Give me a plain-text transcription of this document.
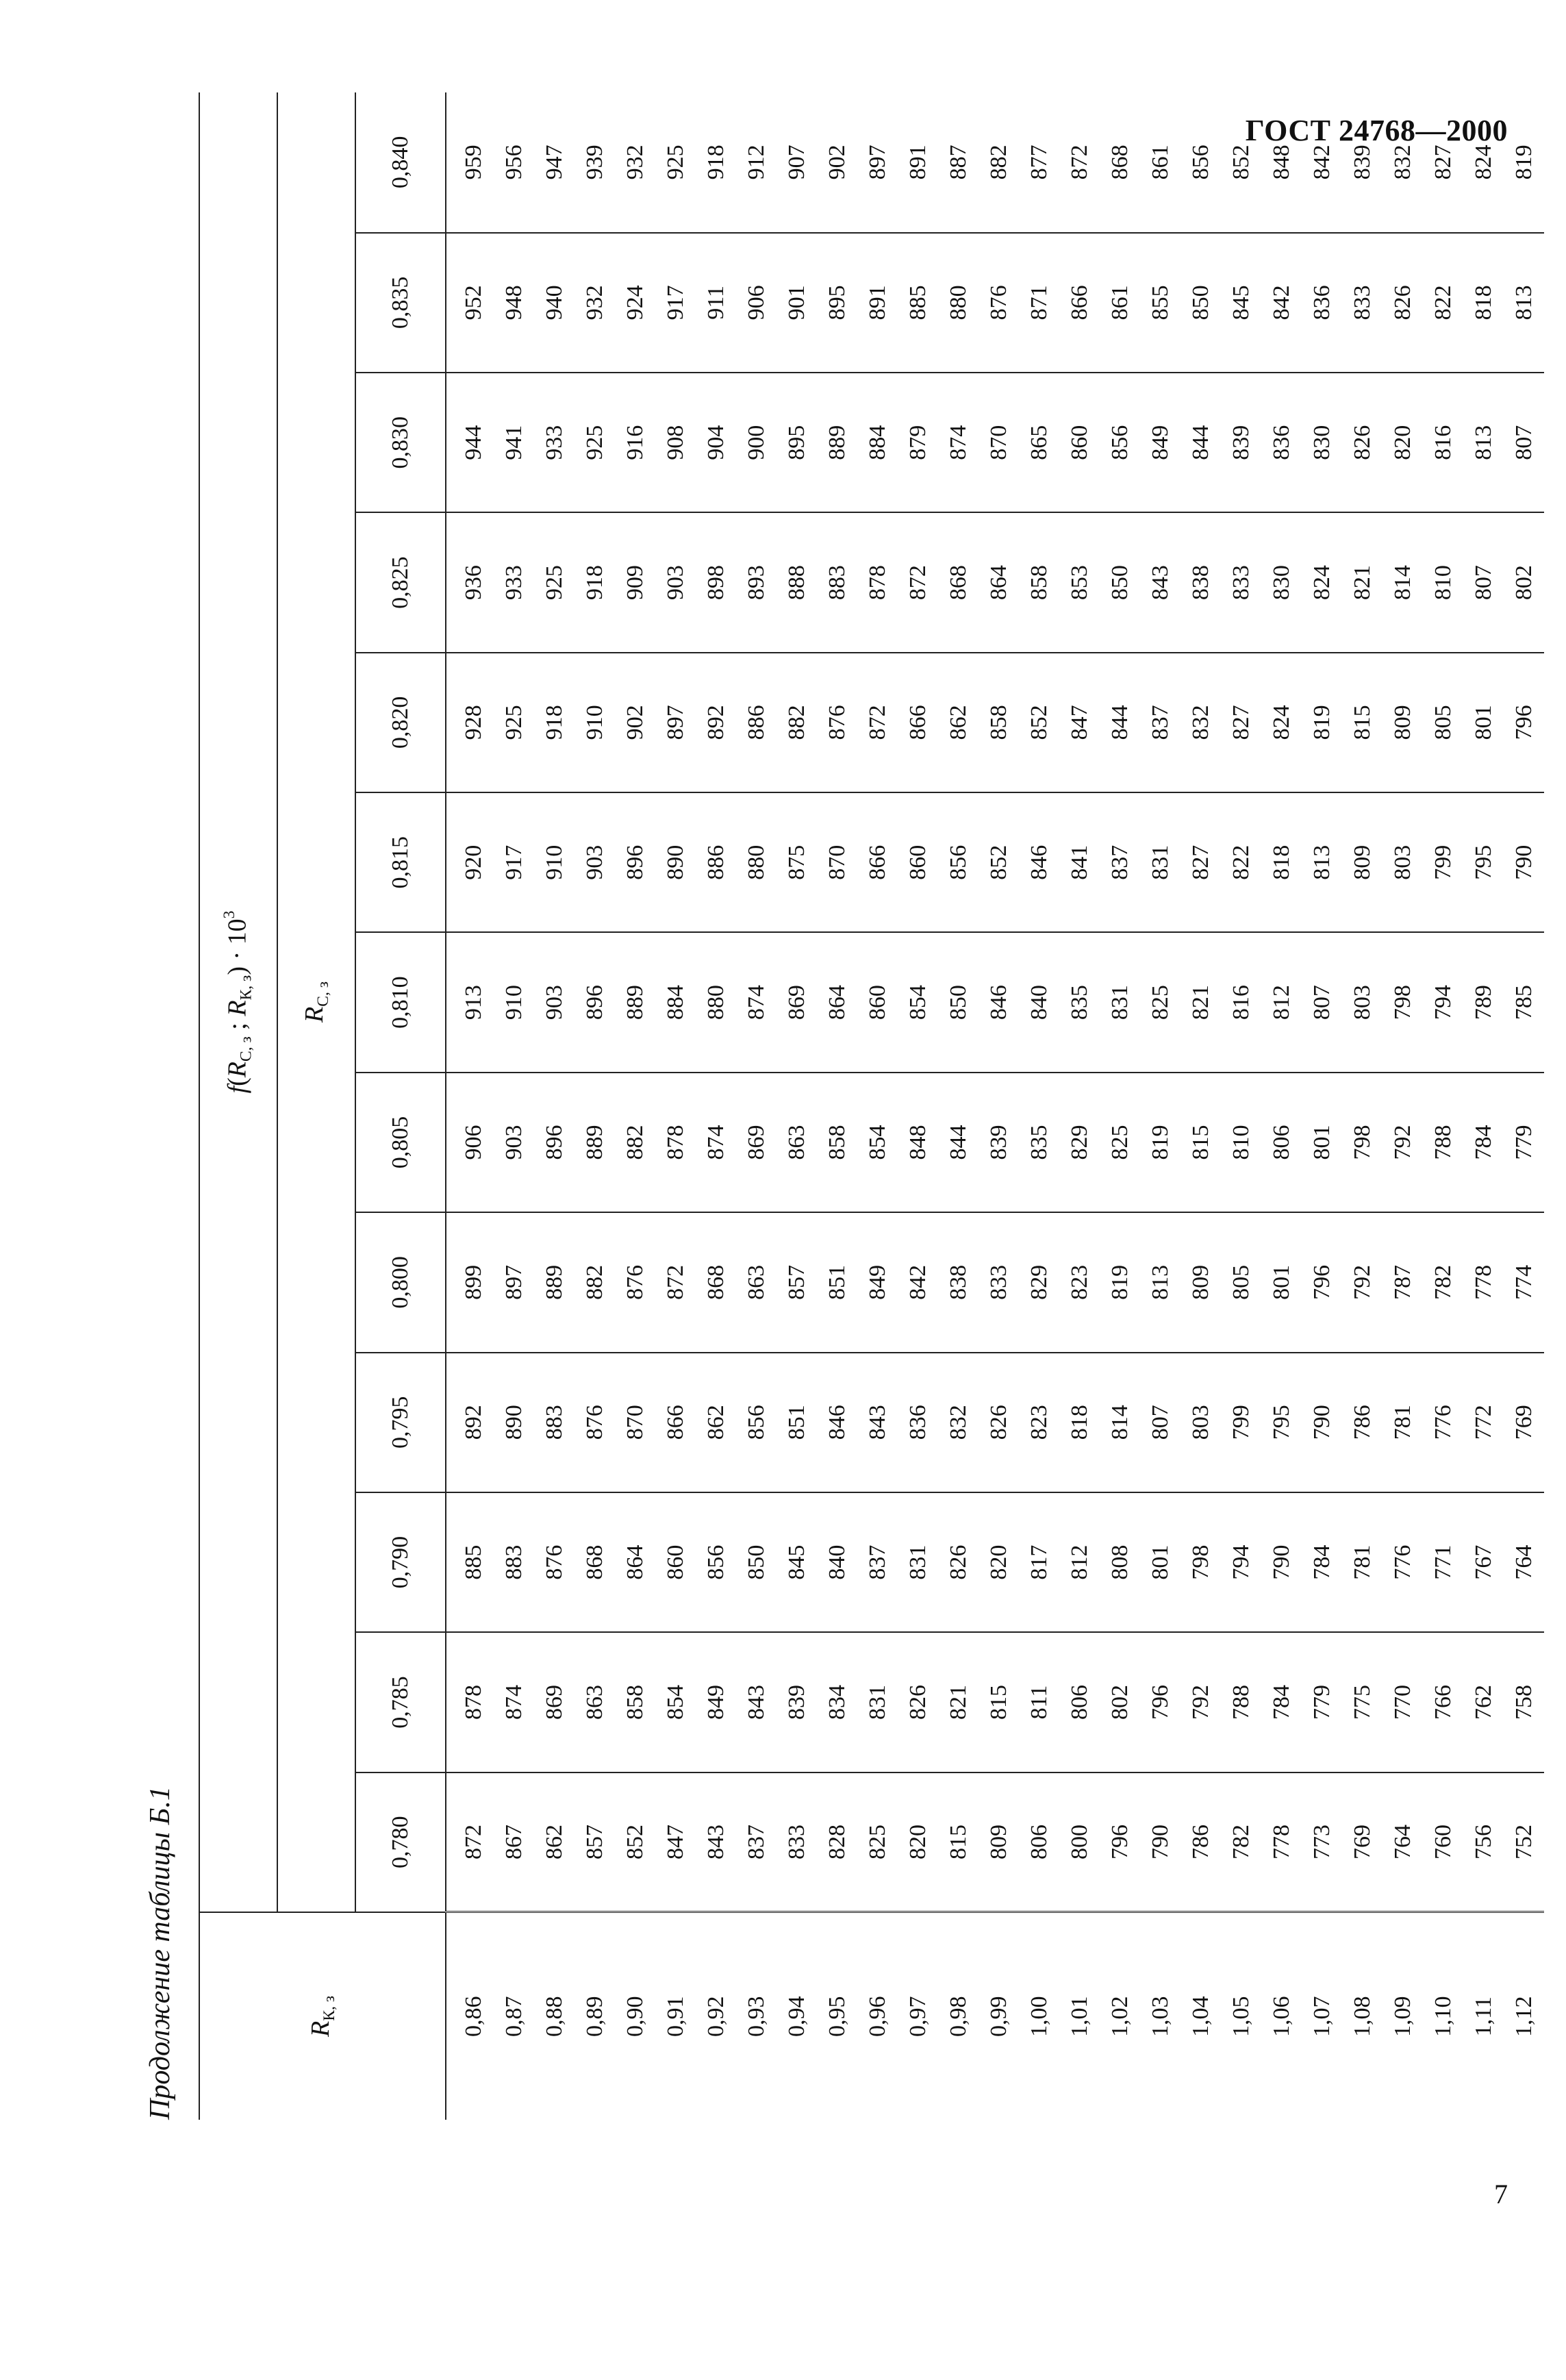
ГОСТ 24768—2000
Продолжение таблицы Б.1	$R_{К, з}$	$f(R_{С, з}$ ; $R_{К, з}) \cdot 10^3$
	$R_{С, з}$
	0,780	0,785	0,790	0,795	0,800	0,805	0,810	0,815	0,820	0,825	0,830	0,835	0,840
0,86	872	878	885	892	899	906	913	920	928	936	944	952	959
0,87	867	874	883	890	897	903	910	917	925	933	941	948	956
0,88	862	869	876	883	889	896	903	910	918	925	933	940	947
0,89	857	863	868	876	882	889	896	903	910	918	925	932	939
0,90	852	858	864	870	876	882	889	896	902	909	916	924	932
0,91	847	854	860	866	872	878	884	890	897	903	908	917	925
0,92	843	849	856	862	868	874	880	886	892	898	904	911	918
0,93	837	843	850	856	863	869	874	880	886	893	900	906	912
0,94	833	839	845	851	857	863	869	875	882	888	895	901	907
0,95	828	834	840	846	851	858	864	870	876	883	889	895	902
0,96	825	831	837	843	849	854	860	866	872	878	884	891	897
0,97	820	826	831	836	842	848	854	860	866	872	879	885	891
0,98	815	821	826	832	838	844	850	856	862	868	874	880	887
0,99	809	815	820	826	833	839	846	852	858	864	870	876	882
1,00	806	811	817	823	829	835	840	846	852	858	865	871	877
1,01	800	806	812	818	823	829	835	841	847	853	860	866	872
1,02	796	802	808	814	819	825	831	837	844	850	856	861	868
1,03	790	796	801	807	813	819	825	831	837	843	849	855	861
1,04	786	792	798	803	809	815	821	827	832	838	844	850	856
1,05	782	788	794	799	805	810	816	822	827	833	839	845	852
1,06	778	784	790	795	801	806	812	818	824	830	836	842	848
1,07	773	779	784	790	796	801	807	813	819	824	830	836	842
1,08	769	775	781	786	792	798	803	809	815	821	826	833	839
1,09	764	770	776	781	787	792	798	803	809	814	820	826	832
1,10	760	766	771	776	782	788	794	799	805	810	816	822	827
1,11	756	762	767	772	778	784	789	795	801	807	813	818	824
1,12	752	758	764	769	774	779	785	790	796	802	807	813	819
7
